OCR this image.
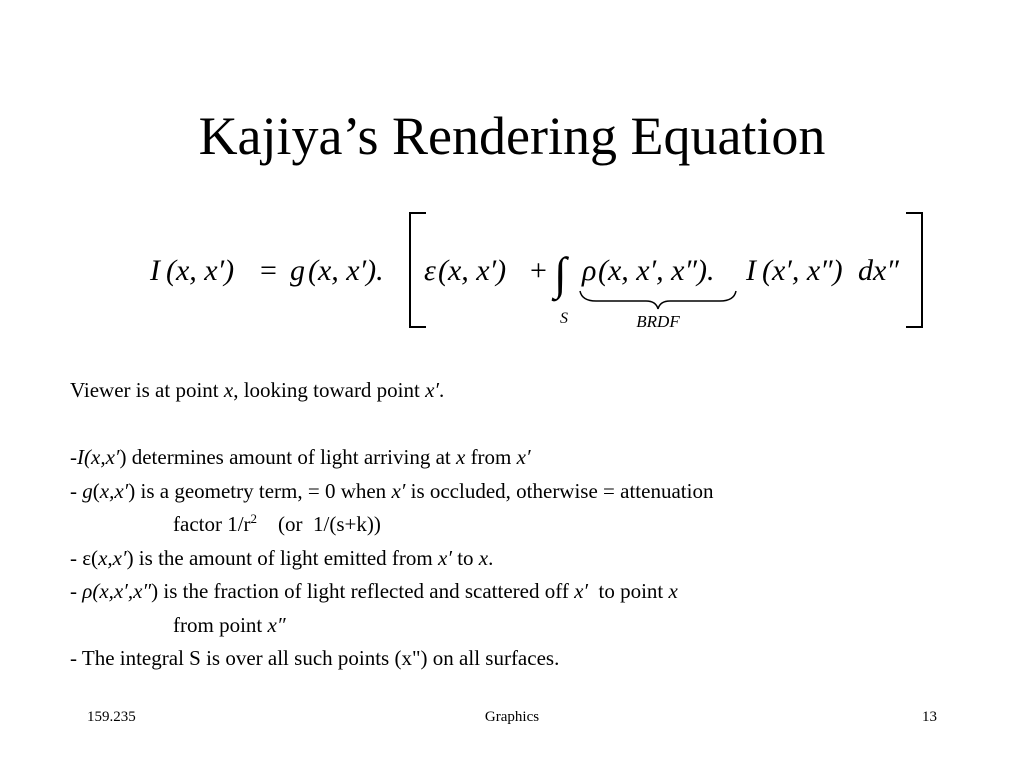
Kajiya’s Rendering Equation
I (x, x′) = g (x, x′). ε (x, x′) + ∫
S
ρ (x, x′, x″). I (x′, x″) dx″
BRDF
Viewer is at point x, looking toward point x′.
-I(x,x′) determines amount of light arriving at x from x′
- g(x,x′) is a geometry term, = 0 when x′ is occluded, otherwise = attenuation
factor $1/r^2$    (or  1/(s+k))
- ε(x,x′) is the amount of light emitted from x′ to x.
- ρ(x,x′,x″) is the fraction of light reflected and scattered off x′  to point x
from point x″
- The integral S is over all such points (x") on all surfaces.
159.235	Graphics	13
